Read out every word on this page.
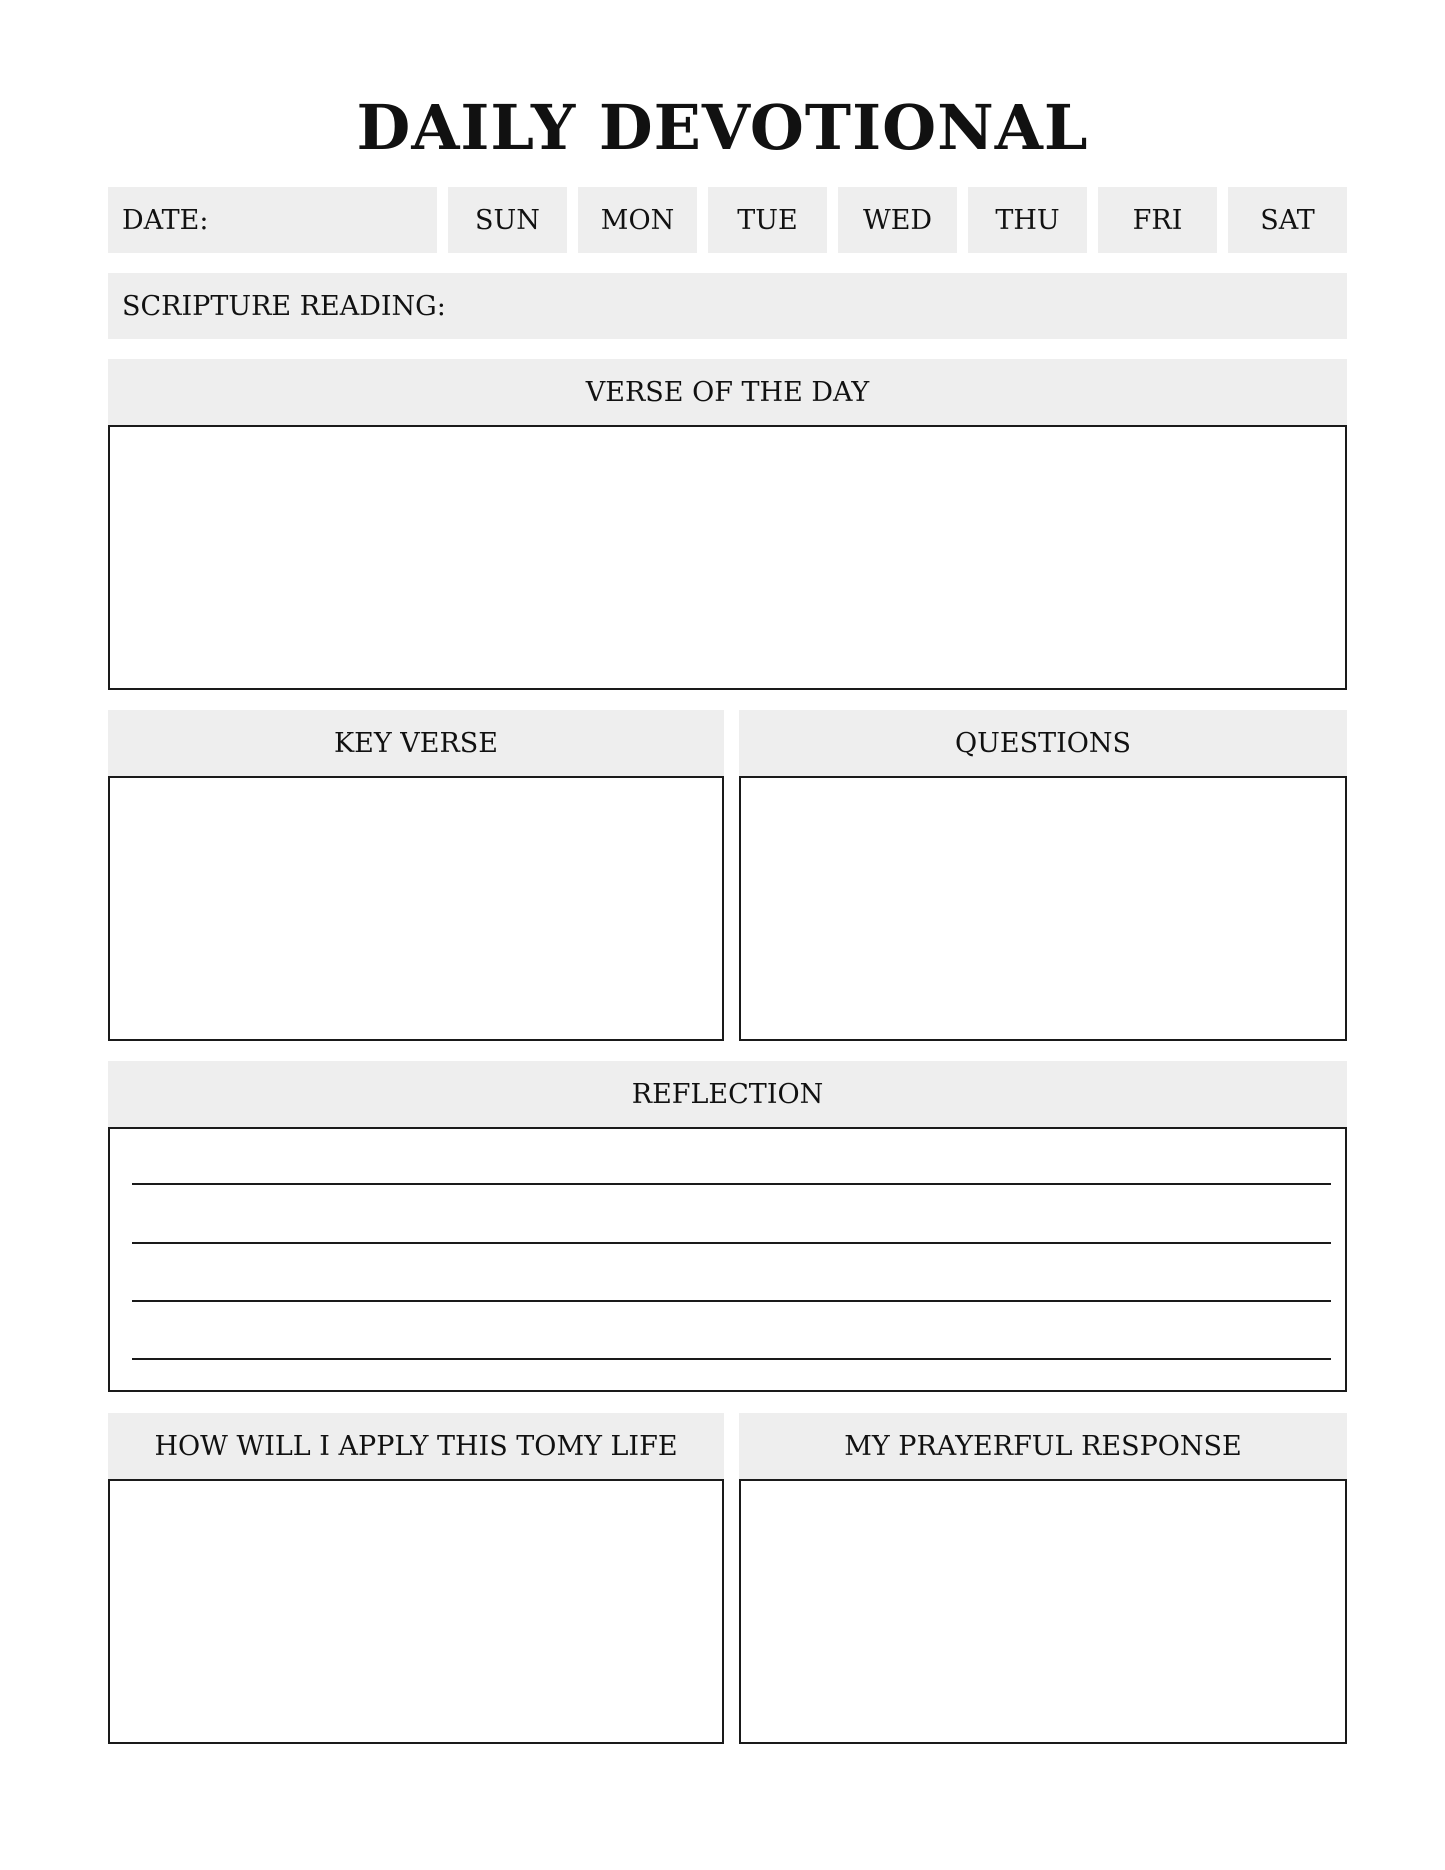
DAILY DEVOTIONAL
DATE:	SUN MON TUE WED THU	FRI	SAT
SCRIPTURE READING:
VERSE OF THE DAY
KEY VERSE	QUESTIONS
REFLECTION
HOW WILL I APPLY THIS TOMY LIFE	MY PRAYERFUL RESPONSE
